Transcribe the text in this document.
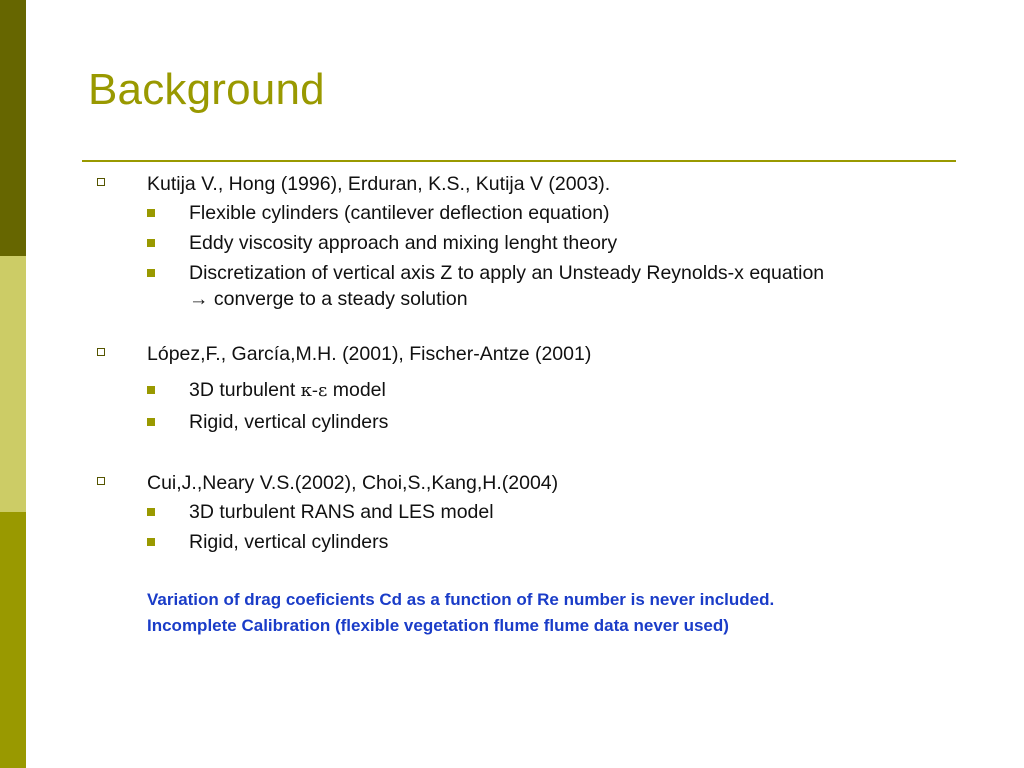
Background
Kutija V., Hong (1996), Erduran, K.S., Kutija V (2003).
Flexible cylinders (cantilever deflection equation)
Eddy viscosity approach and mixing lenght theory
Discretization of vertical axis Z to apply an Unsteady Reynolds-x equation
→ converge to a steady solution
López,F., García,M.H. (2001), Fischer-Antze (2001)
3D turbulent κ-ε model
Rigid, vertical cylinders
Cui,J.,Neary V.S.(2002), Choi,S.,Kang,H.(2004)
3D turbulent RANS and LES model
Rigid, vertical cylinders
Variation of drag coeficients Cd as a function of Re number is never included.
Incomplete Calibration (flexible vegetation flume flume data never used)
